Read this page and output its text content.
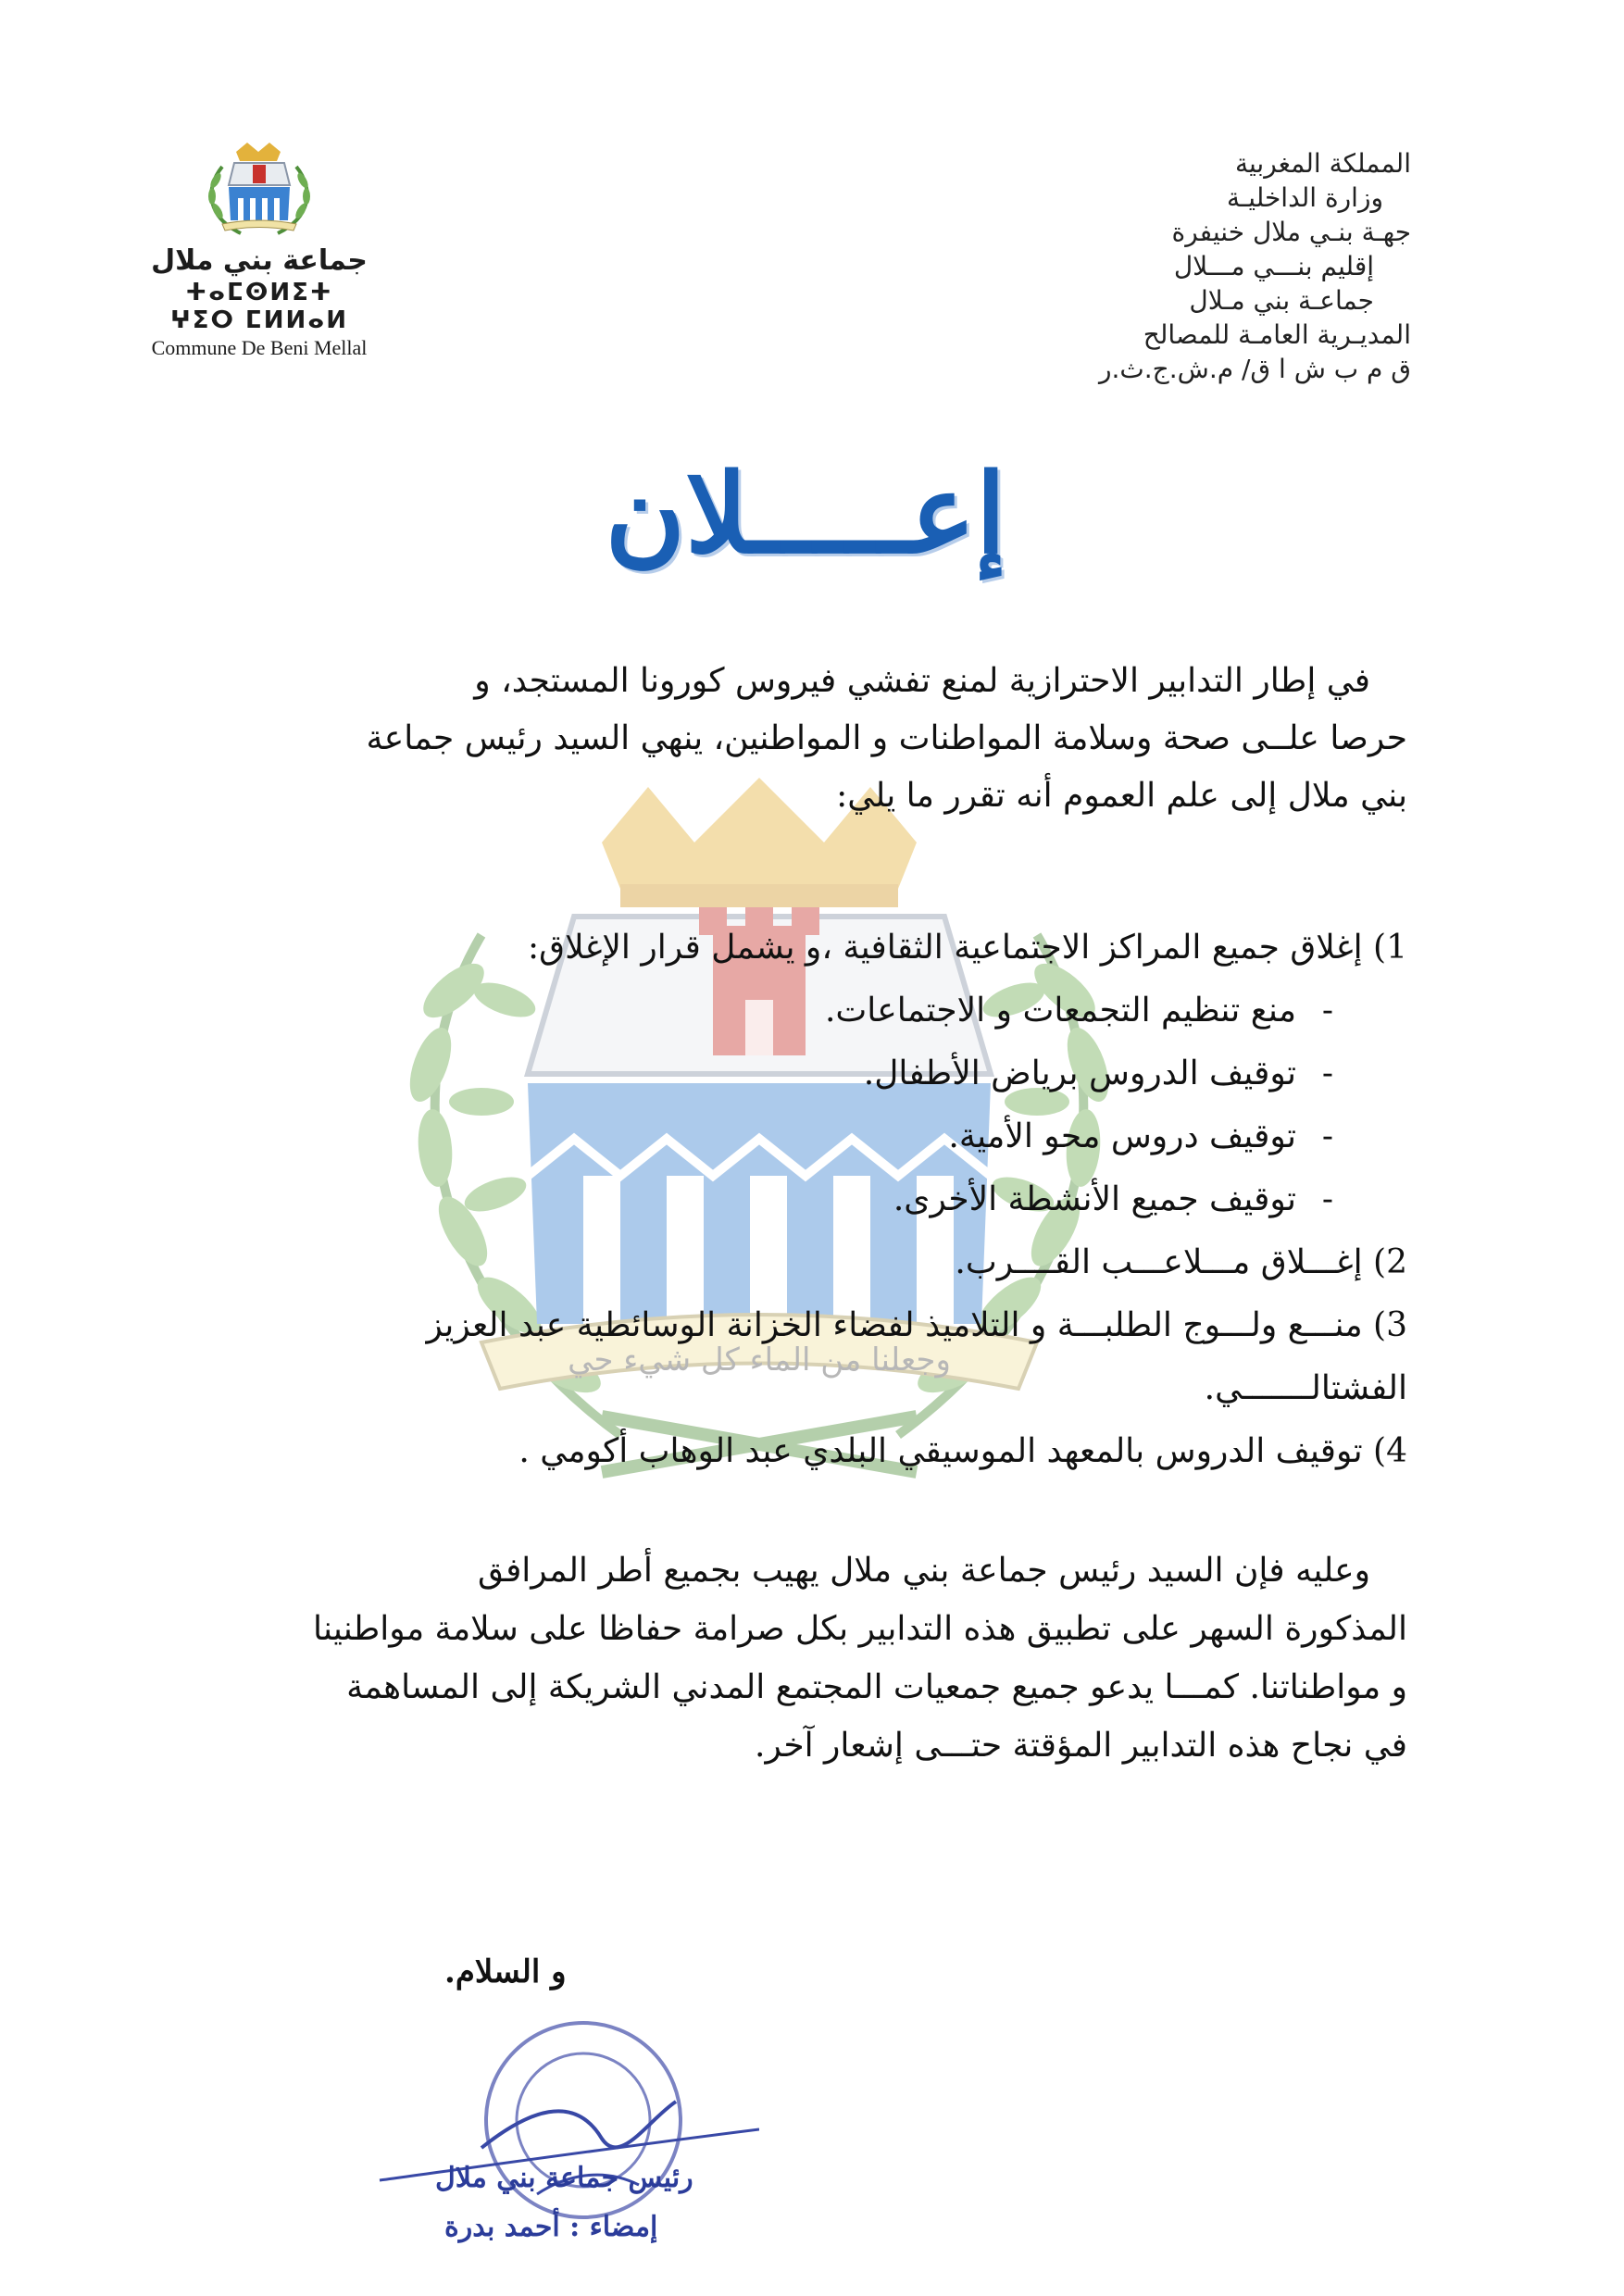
وجعلنا من الماء كل شيء حي
جماعة بني ملال
ⵜⴰⵎⵙⵍⵉⵜ ⵖⵉⵔ ⵎⵍⵍⴰⵍ
Commune De Beni Mellal
المملكة المغربية
وزارة الداخليـة
جهـة بنـي ملال خنيفرة
إقليم بنـــي مـــلال
جماعـة بني مـلال
المديـرية العامـة للمصالح
ق م ب ش ا ق/ م.ش.ج.ث.ر
إعـــــلان
في إطار التدابير الاحترازية لمنع تفشي فيروس كورونا المستجد، و
حرصا علــى صحة وسلامة المواطنات و المواطنين، ينهي السيد رئيس جماعة
بني ملال إلى علم العموم أنه تقرر ما يلي:
1) إغلاق جميع المراكز الاجتماعية الثقافية ،و يشمل قرار الإغلاق:
-منع تنظيم التجمعات و الاجتماعات.
-توقيف الدروس برياض الأطفال.
-توقيف دروس محو الأمية.
-توقيف جميع الأنشطة الأخرى.
2) إغـــلاق مـــلاعـــب القــــرب.
3) منـــع ولـــوج الطلبـــة و التلاميذ لفضاء الخزانة الوسائطية عبد العزيز
الفشتالـــــــي.
4) توقيف الدروس بالمعهد الموسيقي البلدي عبد الوهاب أكومي .
وعليه فإن السيد رئيس جماعة بني ملال يهيب بجميع أطر المرافق
المذكورة السهر على تطبيق هذه التدابير بكل صرامة حفاظا على سلامة مواطنينا
و مواطناتنا. كمـــا يدعو جميع جمعيات المجتمع المدني الشريكة إلى المساهمة
في نجاح هذه التدابير المؤقتة حتـــى إشعار آخر.
و السلام.
رئيس جماعة بني ملال
إمضاء : أحمد بدرة
